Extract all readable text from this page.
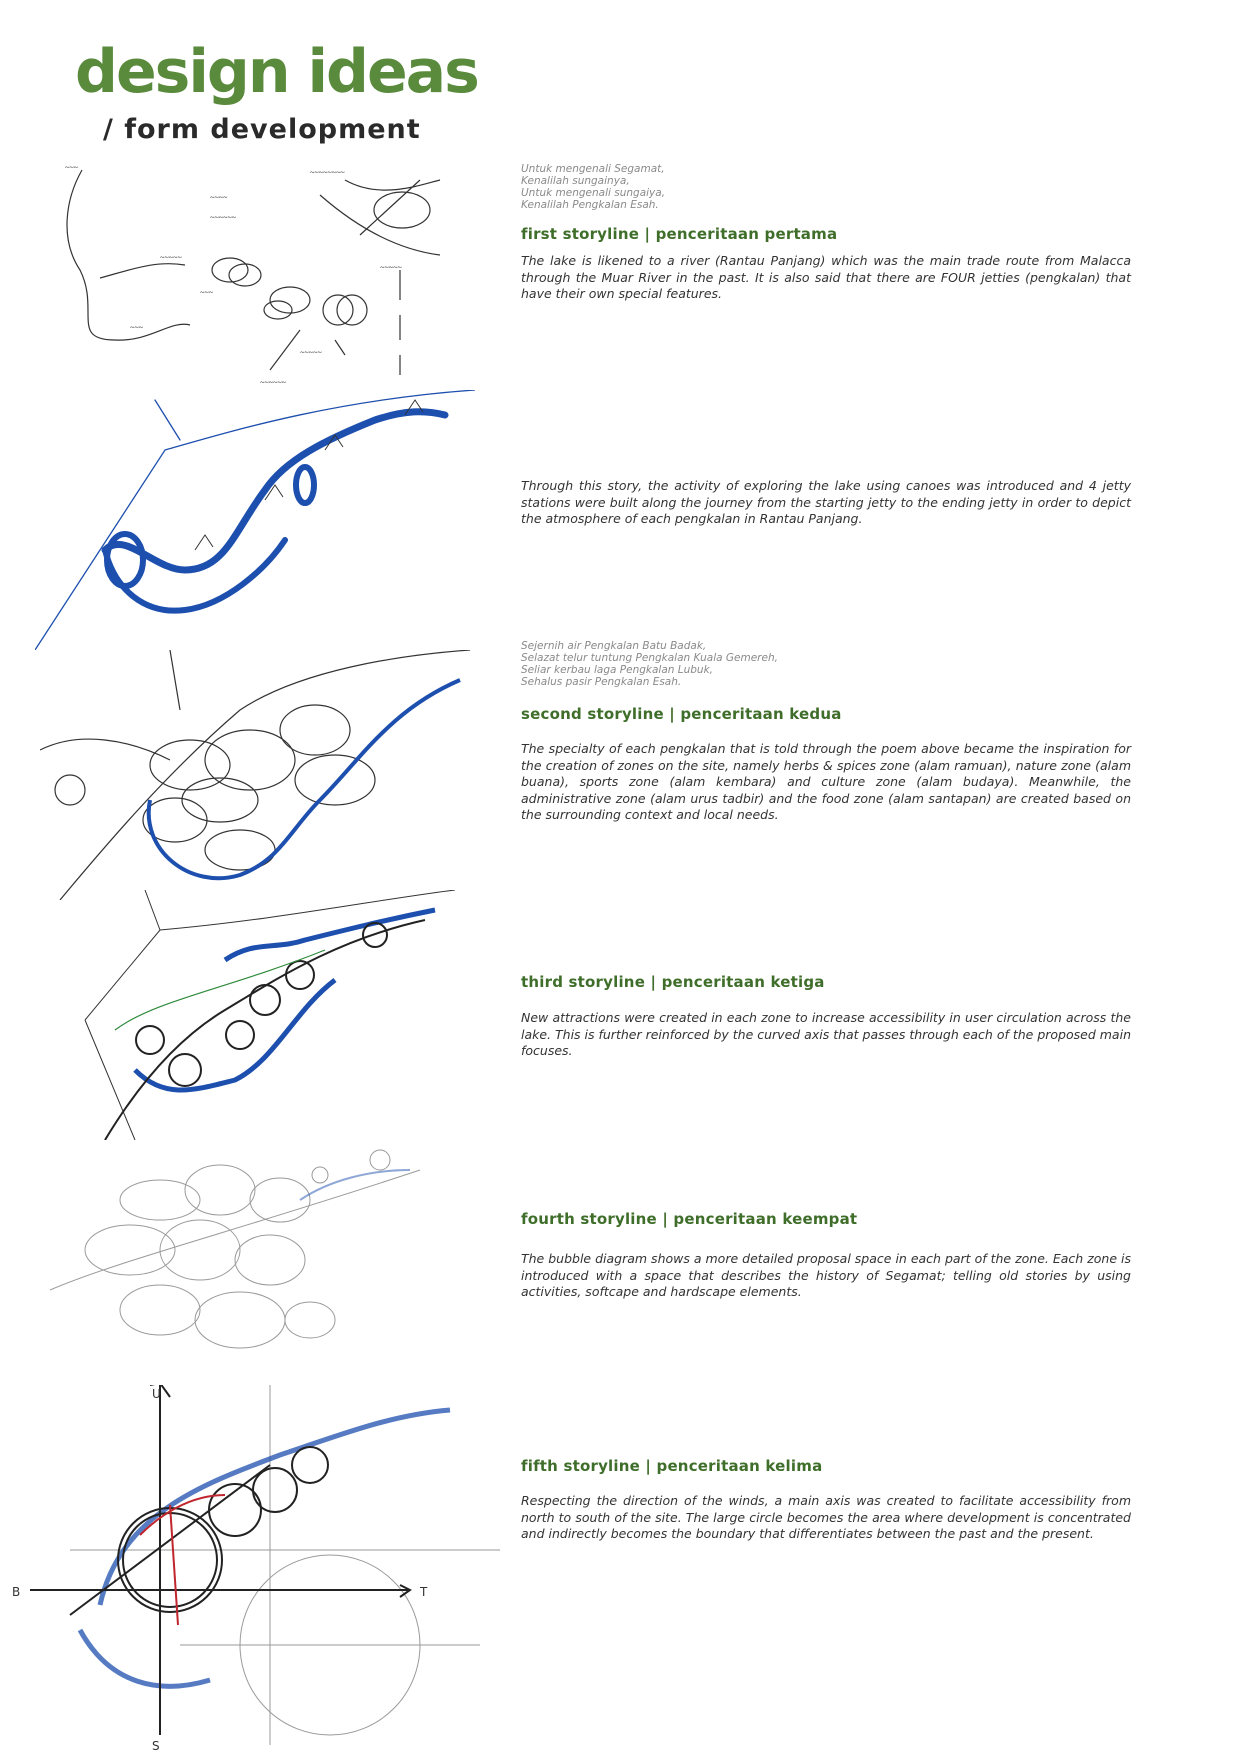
design ideas
/ form development
~~~
~~~~
~~~~~~
~~~~~~~~
~~~~~
~~~~~
~~~
~~~
~~~~~
~~~~~~
U
B	T
S

Untuk mengenali Segamat,
Kenalilah sungainya,
Untuk mengenali sungaiya,
Kenalilah Pengkalan Esah.

first storyline | penceritaan pertama

The lake is likened to a river (Rantau Panjang) which was the main trade route from Malacca through the Muar River in the past. It is also said that there are FOUR jetties (pengkalan) that have their own special features.

Through this story, the activity of exploring the lake using canoes was introduced and 4 jetty stations were built along the journey from the starting jetty to the ending jetty in order to depict the atmosphere of each pengkalan in Rantau Panjang.

Sejernih air Pengkalan Batu Badak,
Selazat telur tuntung Pengkalan Kuala Gemereh,
Seliar kerbau laga Pengkalan Lubuk,
Sehalus pasir Pengkalan Esah.

second storyline | penceritaan kedua

The specialty of each pengkalan that is told through the poem above became the inspiration for the creation of zones on the site, namely herbs & spices zone (alam ramuan), nature zone (alam buana), sports zone (alam kembara) and culture zone (alam budaya). Meanwhile, the administrative zone (alam urus tadbir) and the food zone (alam santapan) are created based on the surrounding context and local needs.

third storyline | penceritaan ketiga

New attractions were created in each zone to increase accessibility in user circulation across the lake. This is further reinforced by the curved axis that passes through each of the proposed main focuses.

fourth storyline | penceritaan keempat

The bubble diagram shows a more detailed proposal space in each part of the zone. Each zone is introduced with a space that describes the history of Segamat; telling old stories by using activities, softcape and hardscape elements.

fifth storyline | penceritaan kelima

Respecting the direction of the winds, a main axis was created to facilitate accessibility from north to south of the site. The large circle becomes the area where development is concentrated and indirectly becomes the boundary that differentiates between the past and the present.
